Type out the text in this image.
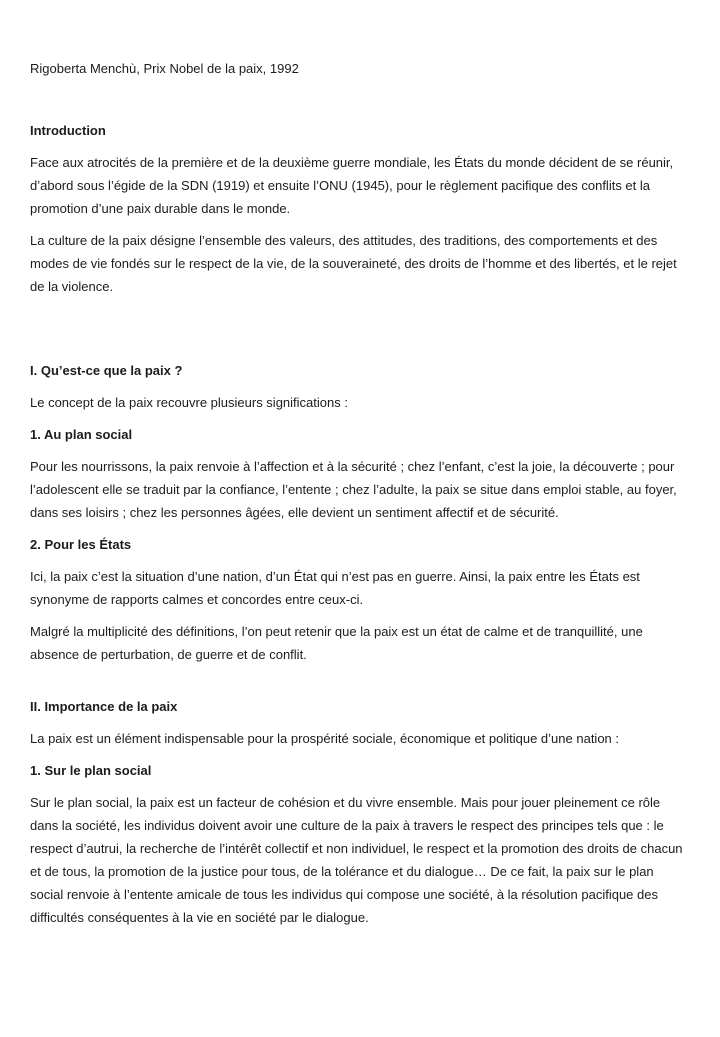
Rigoberta Menchù, Prix Nobel de la paix, 1992

Introduction

Face aux atrocités de la première et de la deuxième guerre mondiale, les États du monde décident de se réunir, d’abord sous l’égide de la SDN (1919) et ensuite l’ONU (1945), pour le règlement pacifique des conflits et la promotion d’une paix durable dans le monde.

La culture de la paix désigne l’ensemble des valeurs, des attitudes, des traditions, des comportements et des modes de vie fondés sur le respect de la vie, de la souveraineté, des droits de l’homme et des libertés, et le rejet de la violence.

I. Qu’est-ce que la paix ?

Le concept de la paix recouvre plusieurs significations :

1. Au plan social

Pour les nourrissons, la paix renvoie à l’affection et à la sécurité ; chez l’enfant, c’est la joie, la découverte ; pour l’adolescent elle se traduit par la confiance, l’entente ; chez l’adulte, la paix se situe dans emploi stable, au foyer, dans ses loisirs ; chez les personnes âgées, elle devient un sentiment affectif et de sécurité.

2. Pour les États

Ici, la paix c’est la situation d’une nation, d’un État qui n’est pas en guerre. Ainsi, la paix entre les États est synonyme de rapports calmes et concordes entre ceux-ci.

Malgré la multiplicité des définitions, l’on peut retenir que la paix est un état de calme et de tranquillité, une absence de perturbation, de guerre et de conflit.

II. Importance de la paix

La paix est un élément indispensable pour la prospérité sociale, économique et politique d’une nation :

1. Sur le plan social

Sur le plan social, la paix est un facteur de cohésion et du vivre ensemble. Mais pour jouer pleinement ce rôle dans la société, les individus doivent avoir une culture de la paix à travers le respect des principes tels que : le respect d’autrui, la recherche de l’intérêt collectif et non individuel, le respect et la promotion des droits de chacun et de tous, la promotion de la justice pour tous, de la tolérance et du dialogue… De ce fait, la paix sur le plan social renvoie à l’entente amicale de tous les individus qui compose une société, à la résolution pacifique des difficultés conséquentes à la vie en société par le dialogue.
